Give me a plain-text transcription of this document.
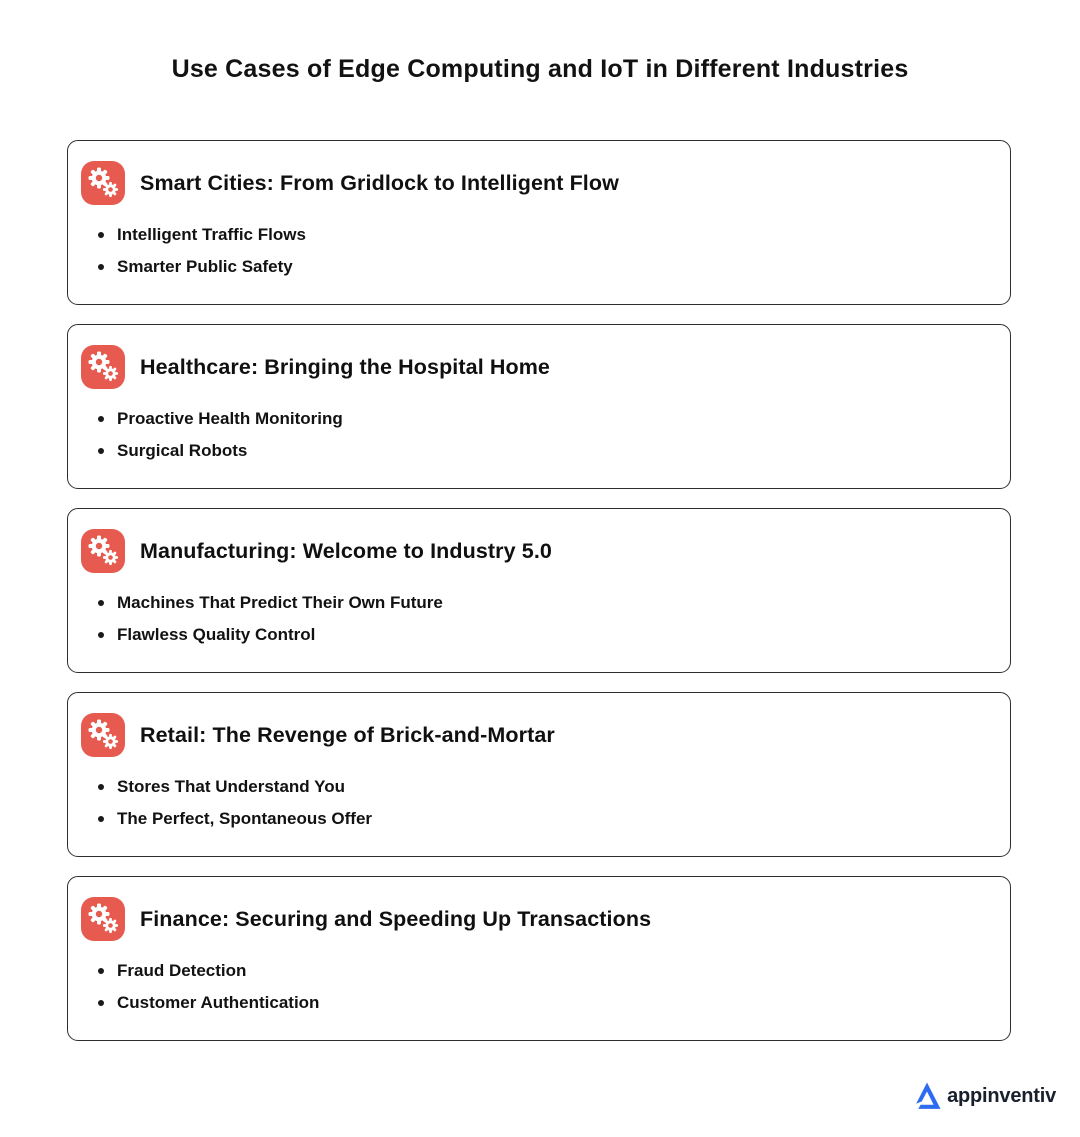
Use Cases of Edge Computing and IoT in Different Industries
Smart Cities: From Gridlock to Intelligent Flow
Intelligent Traffic Flows
Smarter Public Safety
Healthcare: Bringing the Hospital Home
Proactive Health Monitoring
Surgical Robots
Manufacturing: Welcome to Industry 5.0
Machines That Predict Their Own Future
Flawless Quality Control
Retail: The Revenge of Brick-and-Mortar
Stores That Understand You
The Perfect, Spontaneous Offer
Finance: Securing and Speeding Up Transactions
Fraud Detection
Customer Authentication
appinventiv
